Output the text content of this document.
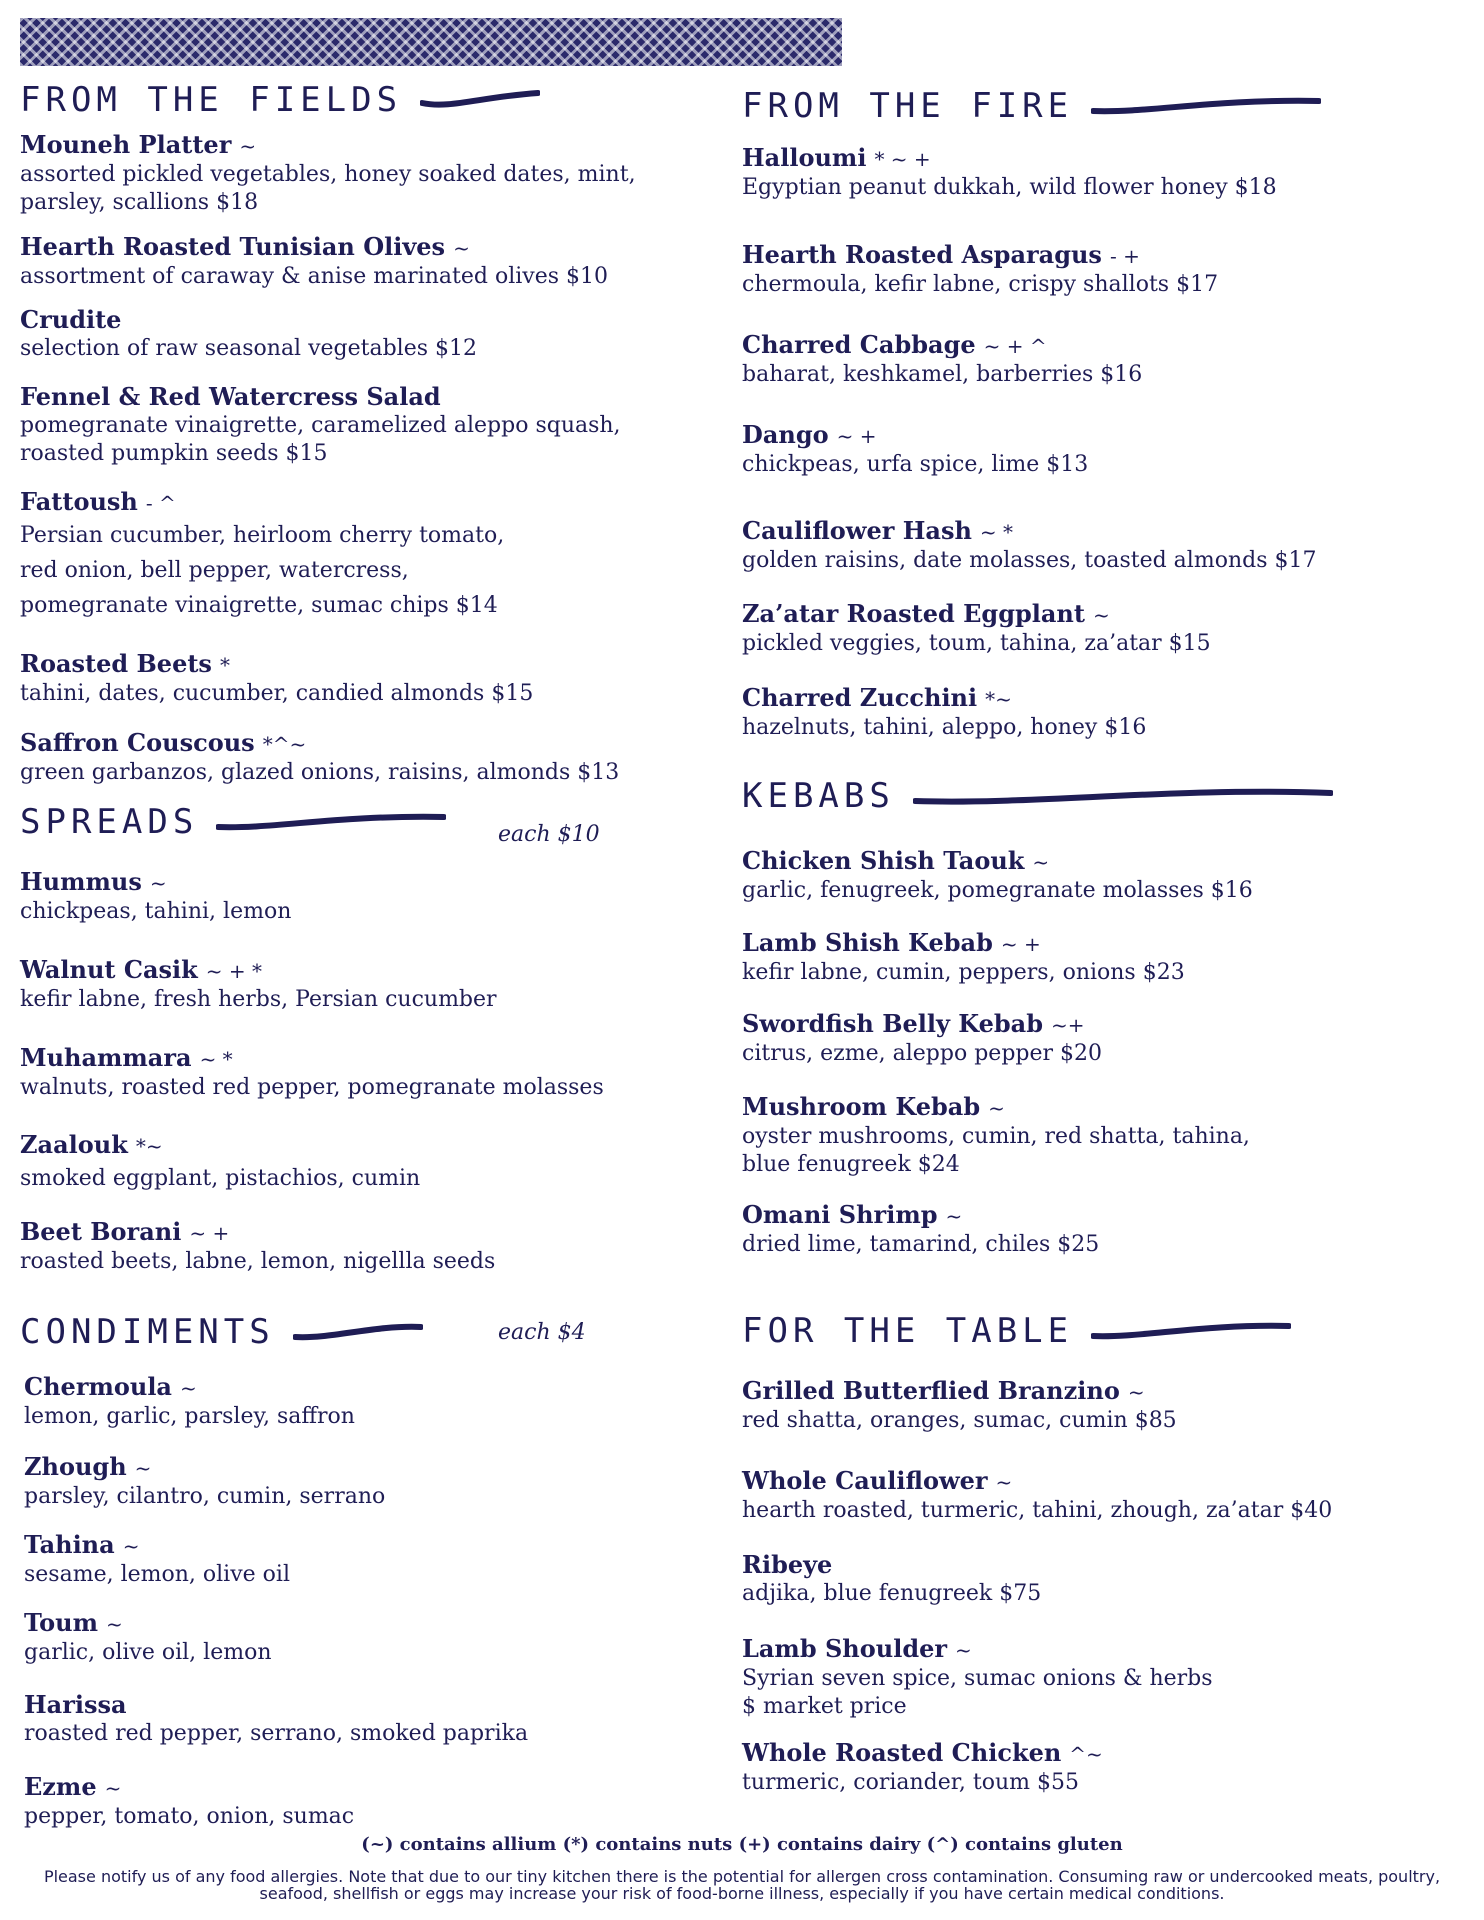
FROM THE FIELDS
Mouneh Platter ~
assorted pickled vegetables, honey soaked dates, mint,
parsley, scallions $18
Hearth Roasted Tunisian Olives ~
assortment of caraway & anise marinated olives $10
Crudite
selection of raw seasonal vegetables $12
Fennel & Red Watercress Salad
pomegranate vinaigrette, caramelized aleppo squash,
roasted pumpkin seeds $15
Fattoush - ^
Persian cucumber, heirloom cherry tomato,
red onion, bell pepper, watercress,
pomegranate vinaigrette, sumac chips $14
Roasted Beets *
tahini, dates, cucumber, candied almonds $15
Saffron Couscous *^~
green garbanzos, glazed onions, raisins, almonds $13
SPREADS	each $10
Hummus ~
chickpeas, tahini, lemon
Walnut Casik ~ + *
kefir labne, fresh herbs, Persian cucumber
Muhammara ~ *
walnuts, roasted red pepper, pomegranate molasses
Zaalouk *~
smoked eggplant, pistachios, cumin
Beet Borani ~ +
roasted beets, labne, lemon, nigellla seeds
CONDIMENTS	each $4
Chermoula ~
lemon, garlic, parsley, saffron
Zhough ~
parsley, cilantro, cumin, serrano
Tahina ~
sesame, lemon, olive oil
Toum ~
garlic, olive oil, lemon
Harissa
roasted red pepper, serrano, smoked paprika
Ezme ~
pepper, tomato, onion, sumac
FROM THE FIRE
Halloumi * ~ +
Egyptian peanut dukkah, wild flower honey $18
Hearth Roasted Asparagus - +
chermoula, kefir labne, crispy shallots $17
Charred Cabbage ~ + ^
baharat, keshkamel, barberries $16
Dango ~ +
chickpeas, urfa spice, lime $13
Cauliflower Hash ~ *
golden raisins, date molasses, toasted almonds $17
Za’atar Roasted Eggplant ~
pickled veggies, toum, tahina, za’atar $15
Charred Zucchini *~
hazelnuts, tahini, aleppo, honey $16
KEBABS
Chicken Shish Taouk ~
garlic, fenugreek, pomegranate molasses $16
Lamb Shish Kebab ~ +
kefir labne, cumin, peppers, onions $23
Swordfish Belly Kebab ~+
citrus, ezme, aleppo pepper $20
Mushroom Kebab ~
oyster mushrooms, cumin, red shatta, tahina,
blue fenugreek $24
Omani Shrimp ~
dried lime, tamarind, chiles $25
FOR THE TABLE
Grilled Butterflied Branzino ~
red shatta, oranges, sumac, cumin $85
Whole Cauliflower ~
hearth roasted, turmeric, tahini, zhough, za’atar $40
Ribeye
adjika, blue fenugreek $75
Lamb Shoulder ~
Syrian seven spice, sumac onions & herbs
$ market price
Whole Roasted Chicken ^~
turmeric, coriander, toum $55
(~) contains allium (*) contains nuts (+) contains dairy (^) contains gluten
Please notify us of any food allergies. Note that due to our tiny kitchen there is the potential for allergen cross contamination. Consuming raw or undercooked meats, poultry, seafood, shellfish or eggs may increase your risk of food-borne illness, especially if you have certain medical conditions.
